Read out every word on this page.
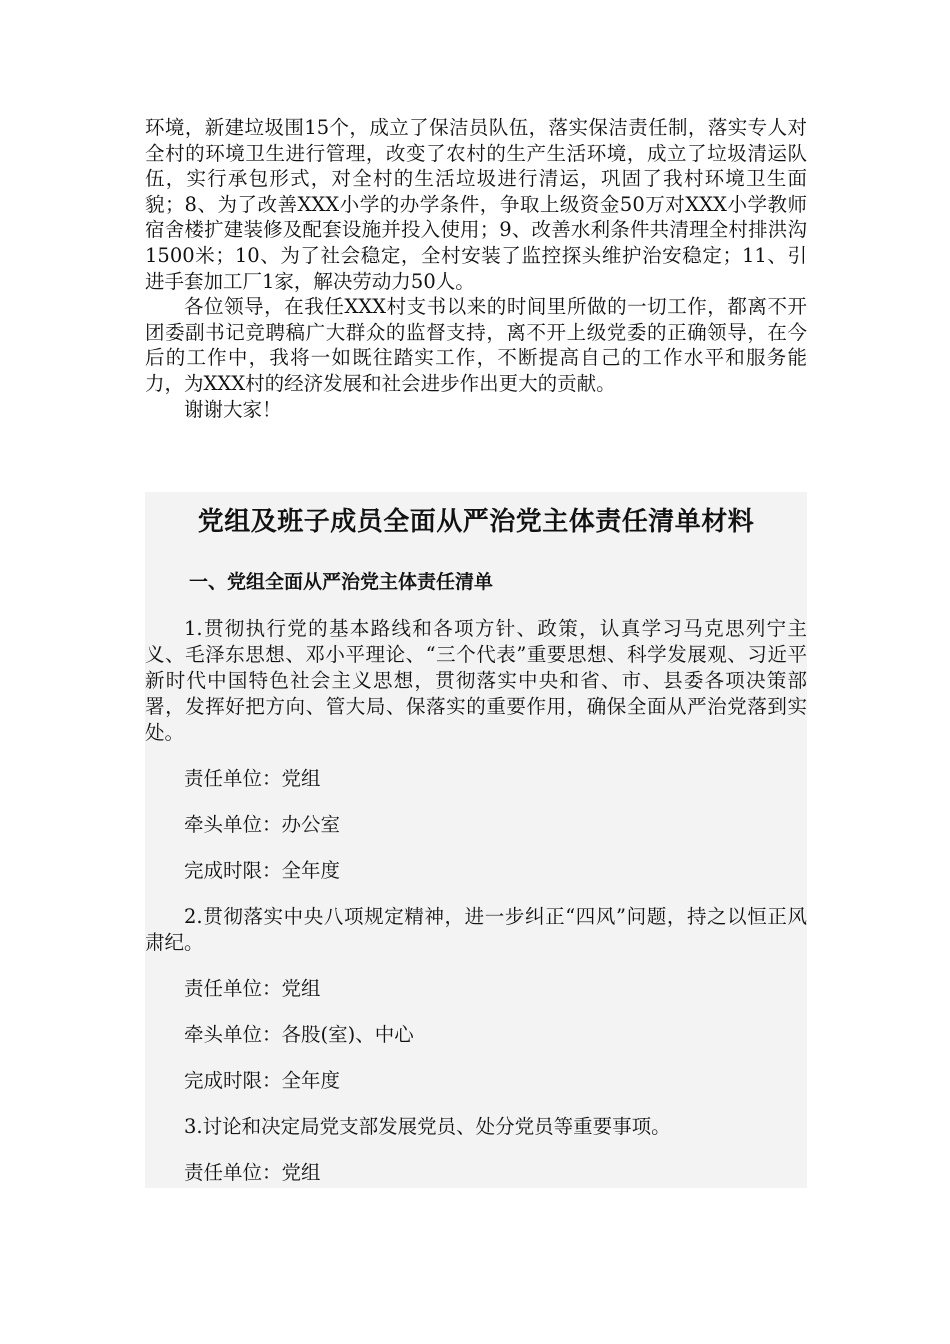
环境，新建垃圾围15个，成立了保洁员队伍，落实保洁责任制，落实专人对全村的环境卫生进行管理，改变了农村的生产生活环境，成立了垃圾清运队伍，实行承包形式，对全村的生活垃圾进行清运，巩固了我村环境卫生面貌；8、为了改善XXX小学的办学条件，争取上级资金50万对XXX小学教师宿舍楼扩建装修及配套设施并投入使用；9、改善水利条件共清理全村排洪沟1500米；10、为了社会稳定，全村安装了监控探头维护治安稳定；11、引进手套加工厂1家，解决劳动力50人。

各位领导，在我任XXX村支书以来的时间里所做的一切工作，都离不开团委副书记竞聘稿广大群众的监督支持，离不开上级党委的正确领导，在今后的工作中，我将一如既往踏实工作，不断提高自己的工作水平和服务能力，为XXX村的经济发展和社会进步作出更大的贡献。

谢谢大家！

党组及班子成员全面从严治党主体责任清单材料
一、党组全面从严治党主体责任清单

1.贯彻执行党的基本路线和各项方针、政策，认真学习马克思列宁主义、毛泽东思想、邓小平理论、“三个代表”重要思想、科学发展观、习近平新时代中国特色社会主义思想，贯彻落实中央和省、市、县委各项决策部署，发挥好把方向、管大局、保落实的重要作用，确保全面从严治党落到实处。

责任单位：党组

牵头单位：办公室

完成时限：全年度

2.贯彻落实中央八项规定精神，进一步纠正“四风”问题，持之以恒正风肃纪。

责任单位：党组

牵头单位：各股(室)、中心

完成时限：全年度

3.讨论和决定局党支部发展党员、处分党员等重要事项。

责任单位：党组
